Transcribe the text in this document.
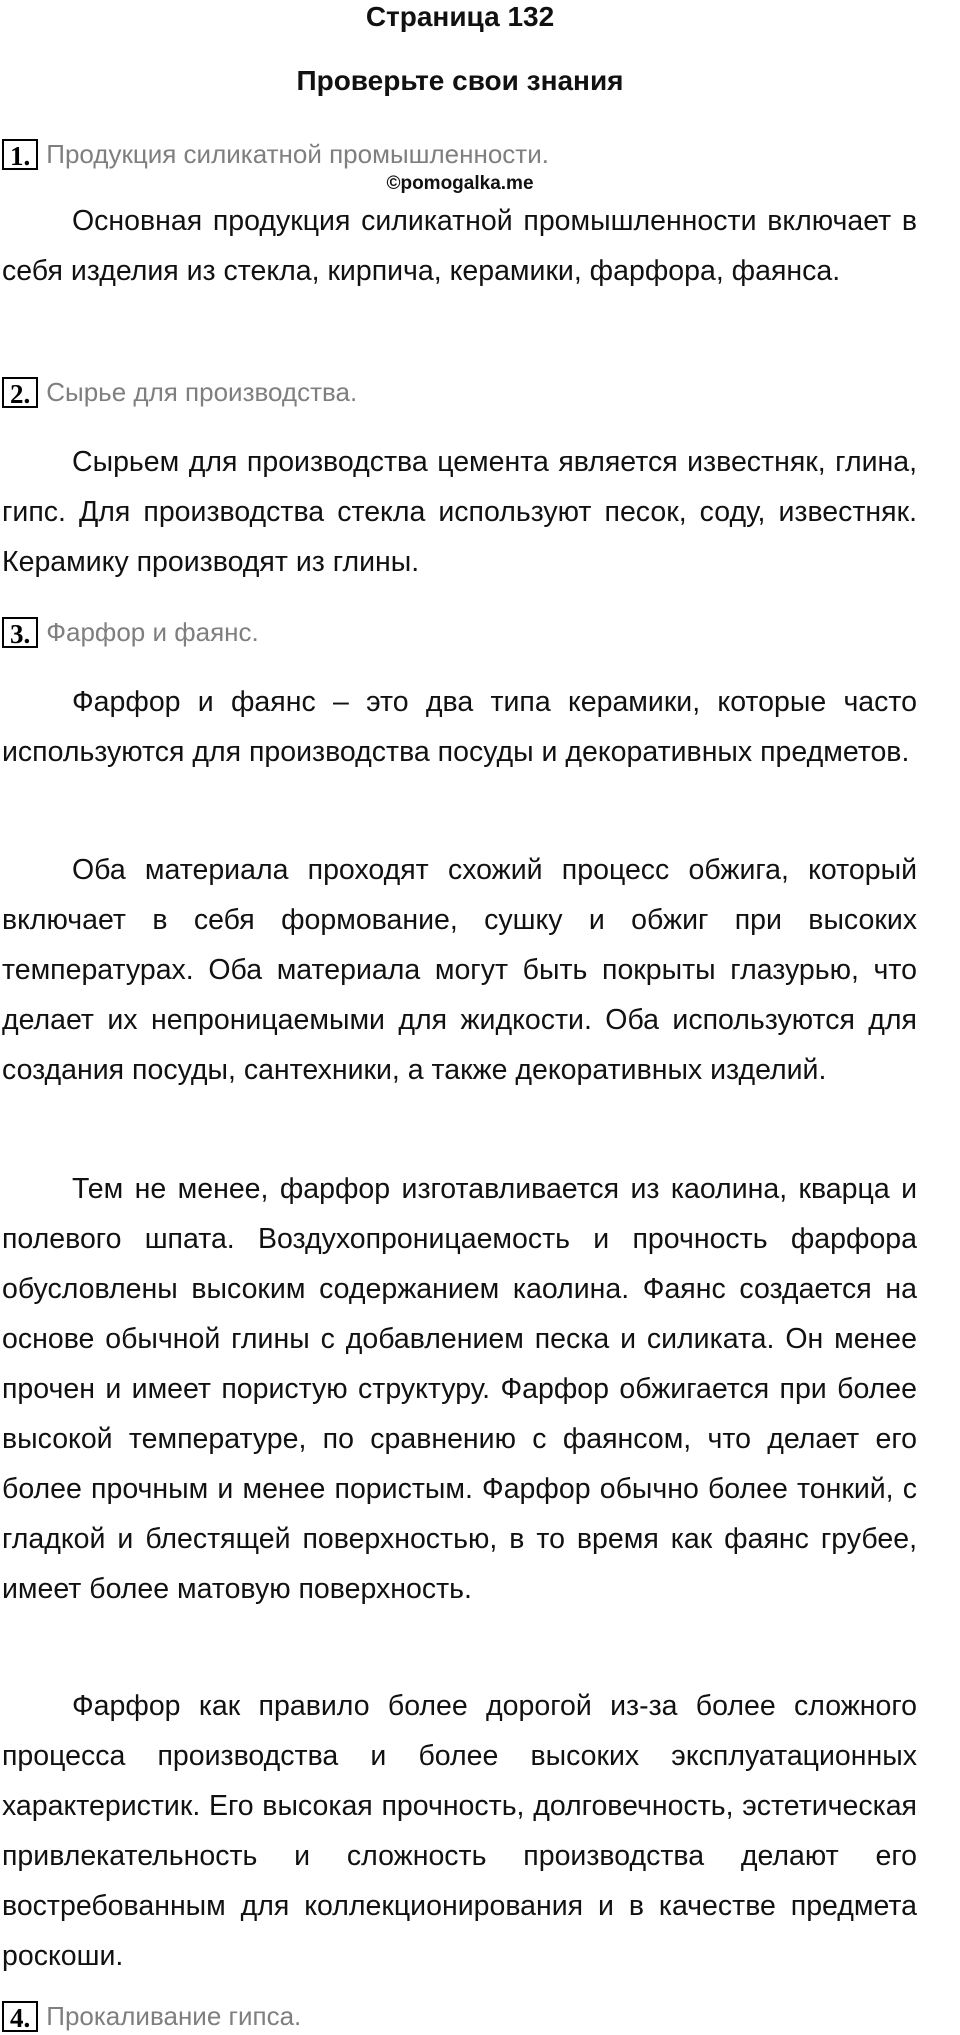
Страница 132
Проверьте свои знания
1. Продукция силикатной промышленности.
©pomogalka.me

Основная продукция силикатной промышленности включает в себя изделия из стекла, кирпича, керамики, фарфора, фаянса.

2. Сырье для производства.

Сырьем для производства цемента является известняк, глина, гипс. Для производства стекла используют песок, соду, известняк. Керамику производят из глины.

3. Фарфор и фаянс.

Фарфор и фаянс – это два типа керамики, которые часто используются для производства посуды и декоративных предметов.

Оба материала проходят схожий процесс обжига, который включает в себя формование, сушку и обжиг при высоких температурах. Оба материала могут быть покрыты глазурью, что делает их непроницаемыми для жидкости. Оба используются для создания посуды, сантехники, а также декоративных изделий.

Тем не менее, фарфор изготавливается из каолина, кварца и полевого шпата. Воздухопроницаемость и прочность фарфора обусловлены высоким содержанием каолина. Фаянс создается на основе обычной глины с добавлением песка и силиката. Он менее прочен и имеет пористую структуру. Фарфор обжигается при более высокой температуре, по сравнению с фаянсом, что делает его более прочным и менее пористым. Фарфор обычно более тонкий, с гладкой и блестящей поверхностью, в то время как фаянс грубее, имеет более матовую поверхность.

Фарфор как правило более дорогой из-за более сложного процесса производства и более высоких эксплуатационных характеристик. Его высокая прочность, долговечность, эстетическая привлекательность и сложность производства делают его востребованным для коллекционирования и в качестве предмета роскоши.

4. Прокаливание гипса.
